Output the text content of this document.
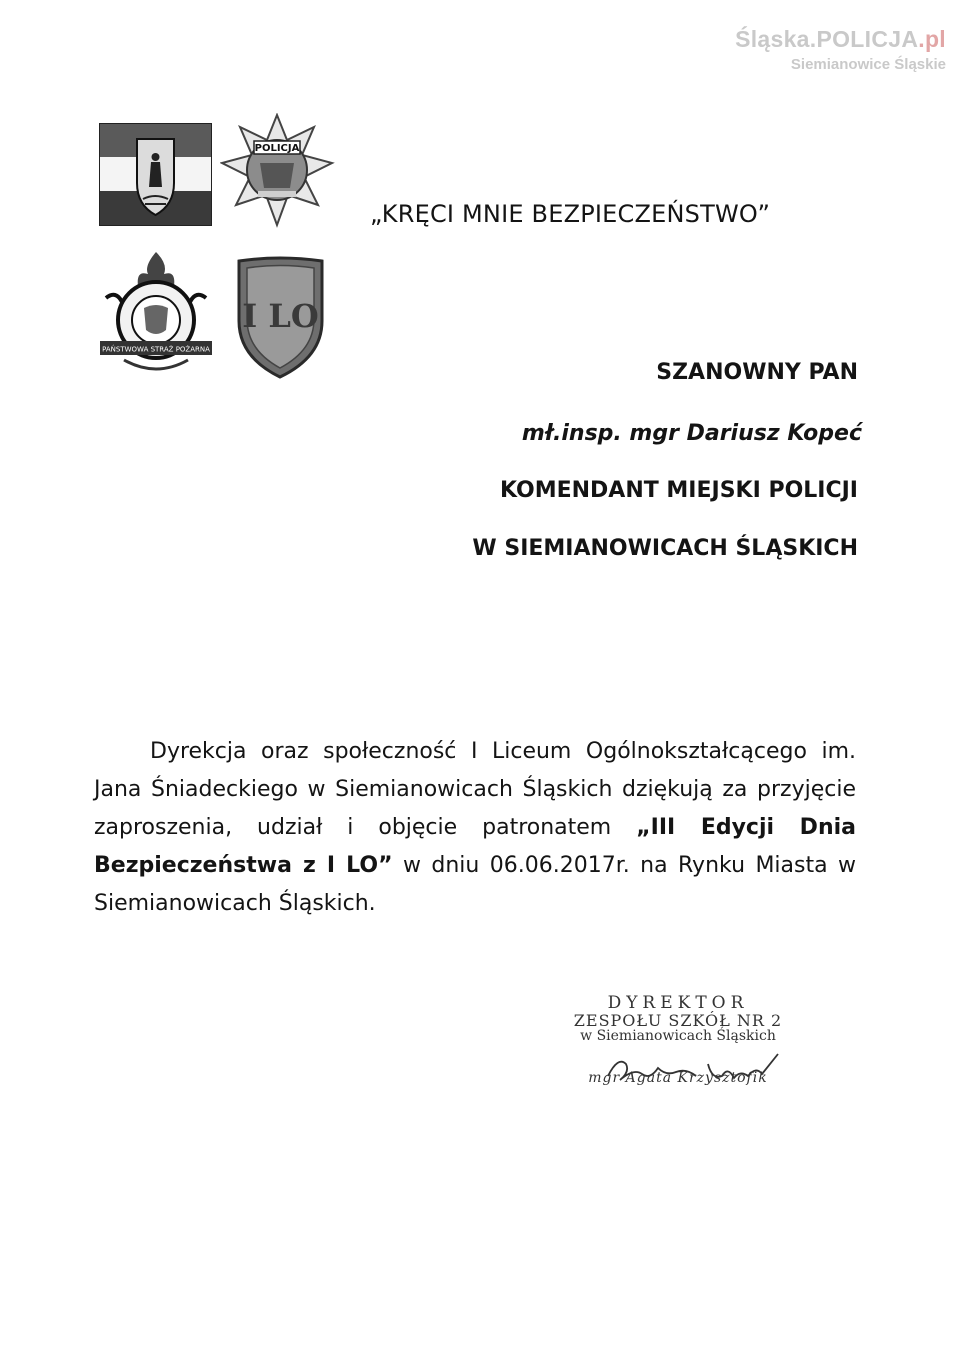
Śląska.POLICJA.pl
Siemianowice Śląskie
POLICJA
PAŃSTWOWA STRAŻ POŻARNA
I LO
„KRĘCI MNIE BEZPIECZEŃSTWO”
SZANOWNY PAN
mł.insp. mgr Dariusz Kopeć
KOMENDANT MIEJSKI POLICJI
W SIEMIANOWICACH ŚLĄSKICH

Dyrekcja oraz społeczność I Liceum Ogólnokształcącego im. Jana Śniadeckiego w Siemianowicach Śląskich dziękują za przyjęcie zaproszenia, udział i objęcie patronatem „III Edycji Dnia Bezpieczeństwa z I LO” w dniu 06.06.2017r. na Rynku Miasta w Siemianowicach Śląskich.

DYREKTOR
ZESPOŁU SZKÓŁ NR 2
w Siemianowicach Śląskich
mgr Agata Krzysztofik
